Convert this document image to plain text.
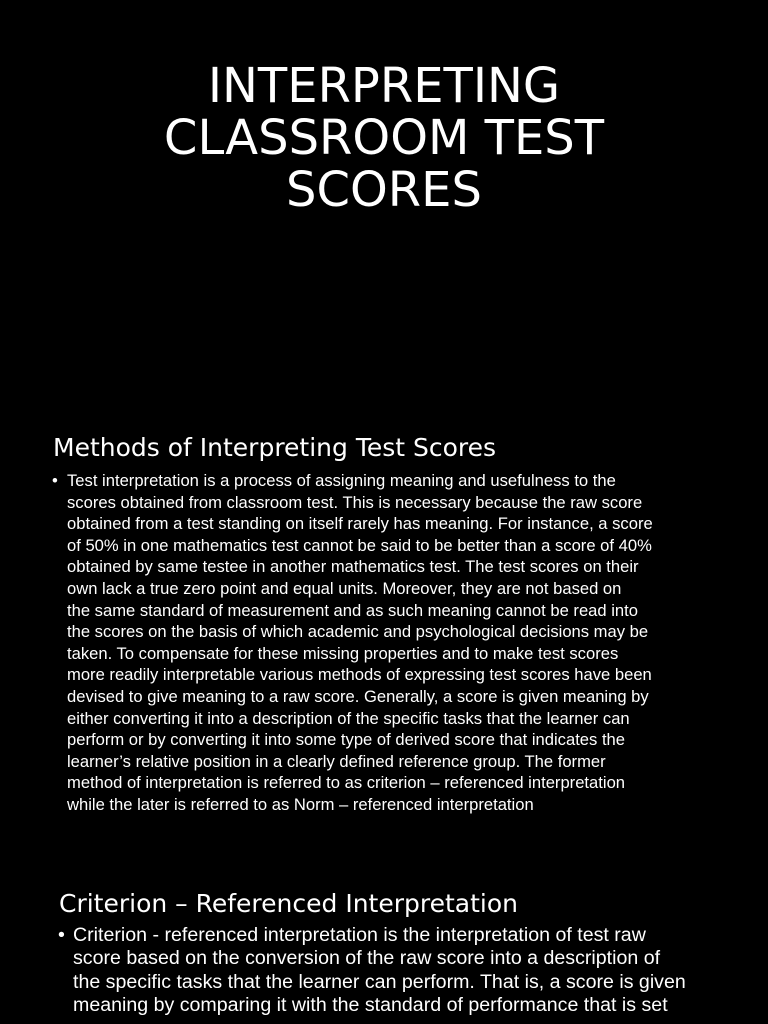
INTERPRETING
CLASSROOM TEST
SCORES
Methods of Interpreting Test Scores
• Test interpretation is a process of assigning meaning and usefulness to the
scores obtained from classroom test. This is necessary because the raw score
obtained from a test standing on itself rarely has meaning. For instance, a score
of 50% in one mathematics test cannot be said to be better than a score of 40%
obtained by same testee in another mathematics test. The test scores on their
own lack a true zero point and equal units. Moreover, they are not based on
the same standard of measurement and as such meaning cannot be read into
the scores on the basis of which academic and psychological decisions may be
taken. To compensate for these missing properties and to make test scores
more readily interpretable various methods of expressing test scores have been
devised to give meaning to a raw score. Generally, a score is given meaning by
either converting it into a description of the specific tasks that the learner can
perform or by converting it into some type of derived score that indicates the
learner’s relative position in a clearly defined reference group. The former
method of interpretation is referred to as criterion – referenced interpretation
while the later is referred to as Norm – referenced interpretation
Criterion – Referenced Interpretation
• Criterion - referenced interpretation is the interpretation of test raw
score based on the conversion of the raw score into a description of
the specific tasks that the learner can perform. That is, a score is given
meaning by comparing it with the standard of performance that is set
